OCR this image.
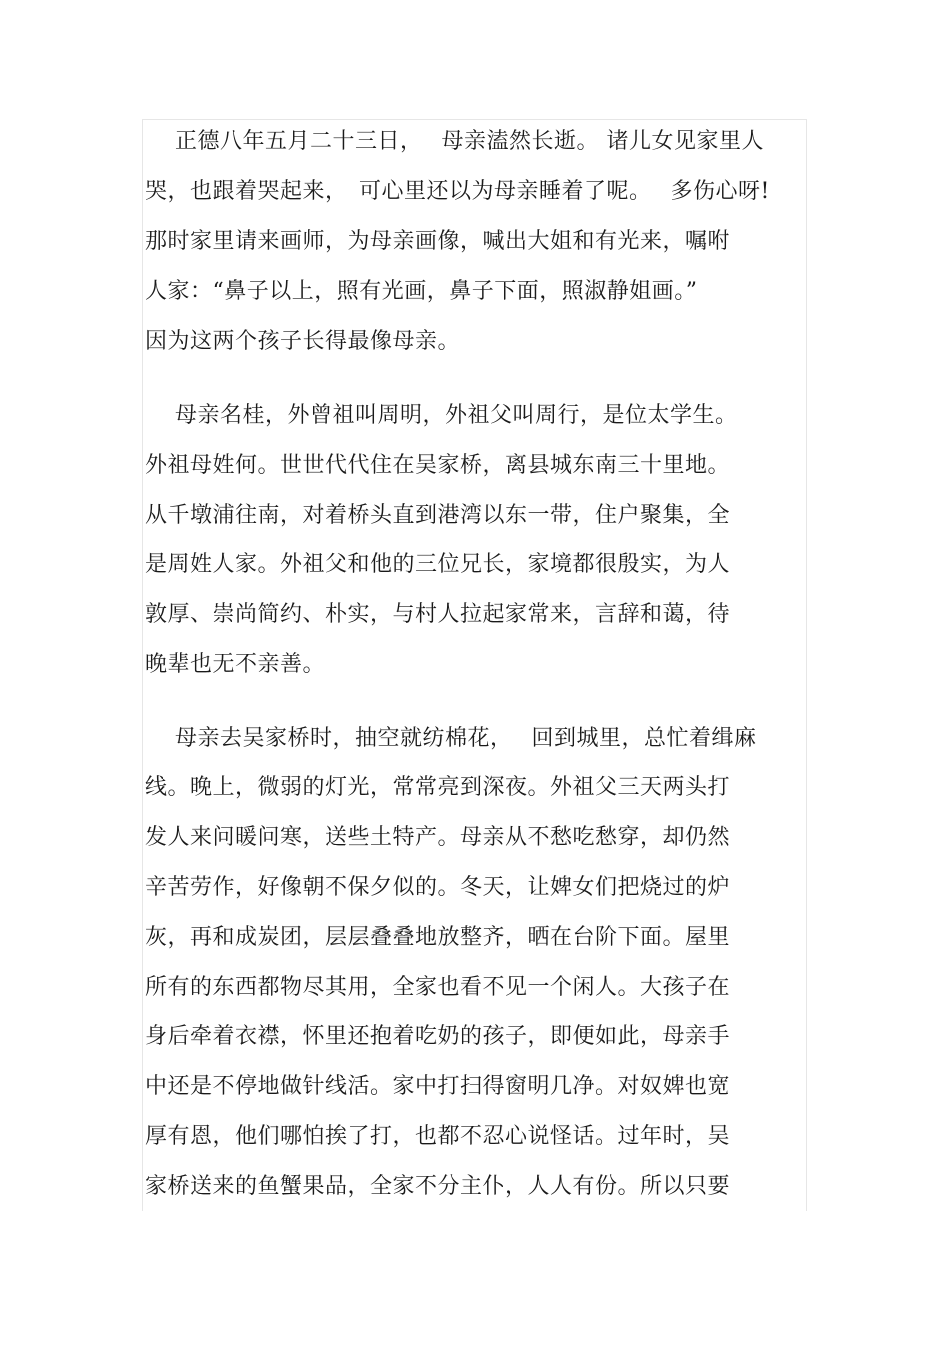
　 正德八年五月二十三日，　 母亲溘然长逝。 诸儿女见家里人
哭，也跟着哭起来，　可心里还以为母亲睡着了呢。　 多伤心呀!
那时家里请来画师，为母亲画像，喊出大姐和有光来，嘱咐
人家：“鼻子以上，照有光画，鼻子下面，照淑静姐画。”
因为这两个孩子长得最像母亲。
　 母亲名桂，外曾祖叫周明，外祖父叫周行，是位太学生。
外祖母姓何。世世代代住在吴家桥，离县城东南三十里地。
从千墩浦往南，对着桥头直到港湾以东一带，住户聚集，全
是周姓人家。外祖父和他的三位兄长，家境都很殷实，为人
敦厚、崇尚简约、朴实，与村人拉起家常来，言辞和蔼，待
晚辈也无不亲善。
　 母亲去吴家桥时，抽空就纺棉花，　 回到城里，总忙着缉麻
线。晚上，微弱的灯光，常常亮到深夜。外祖父三天两头打
发人来问暖问寒，送些土特产。母亲从不愁吃愁穿，却仍然
辛苦劳作，好像朝不保夕似的。冬天，让婢女们把烧过的炉
灰，再和成炭团，层层叠叠地放整齐，晒在台阶下面。屋里
所有的东西都物尽其用，全家也看不见一个闲人。大孩子在
身后牵着衣襟，怀里还抱着吃奶的孩子，即便如此，母亲手
中还是不停地做针线活。家中打扫得窗明几净。对奴婢也宽
厚有恩，他们哪怕挨了打，也都不忍心说怪话。过年时，吴
家桥送来的鱼蟹果品，全家不分主仆，人人有份。所以只要
